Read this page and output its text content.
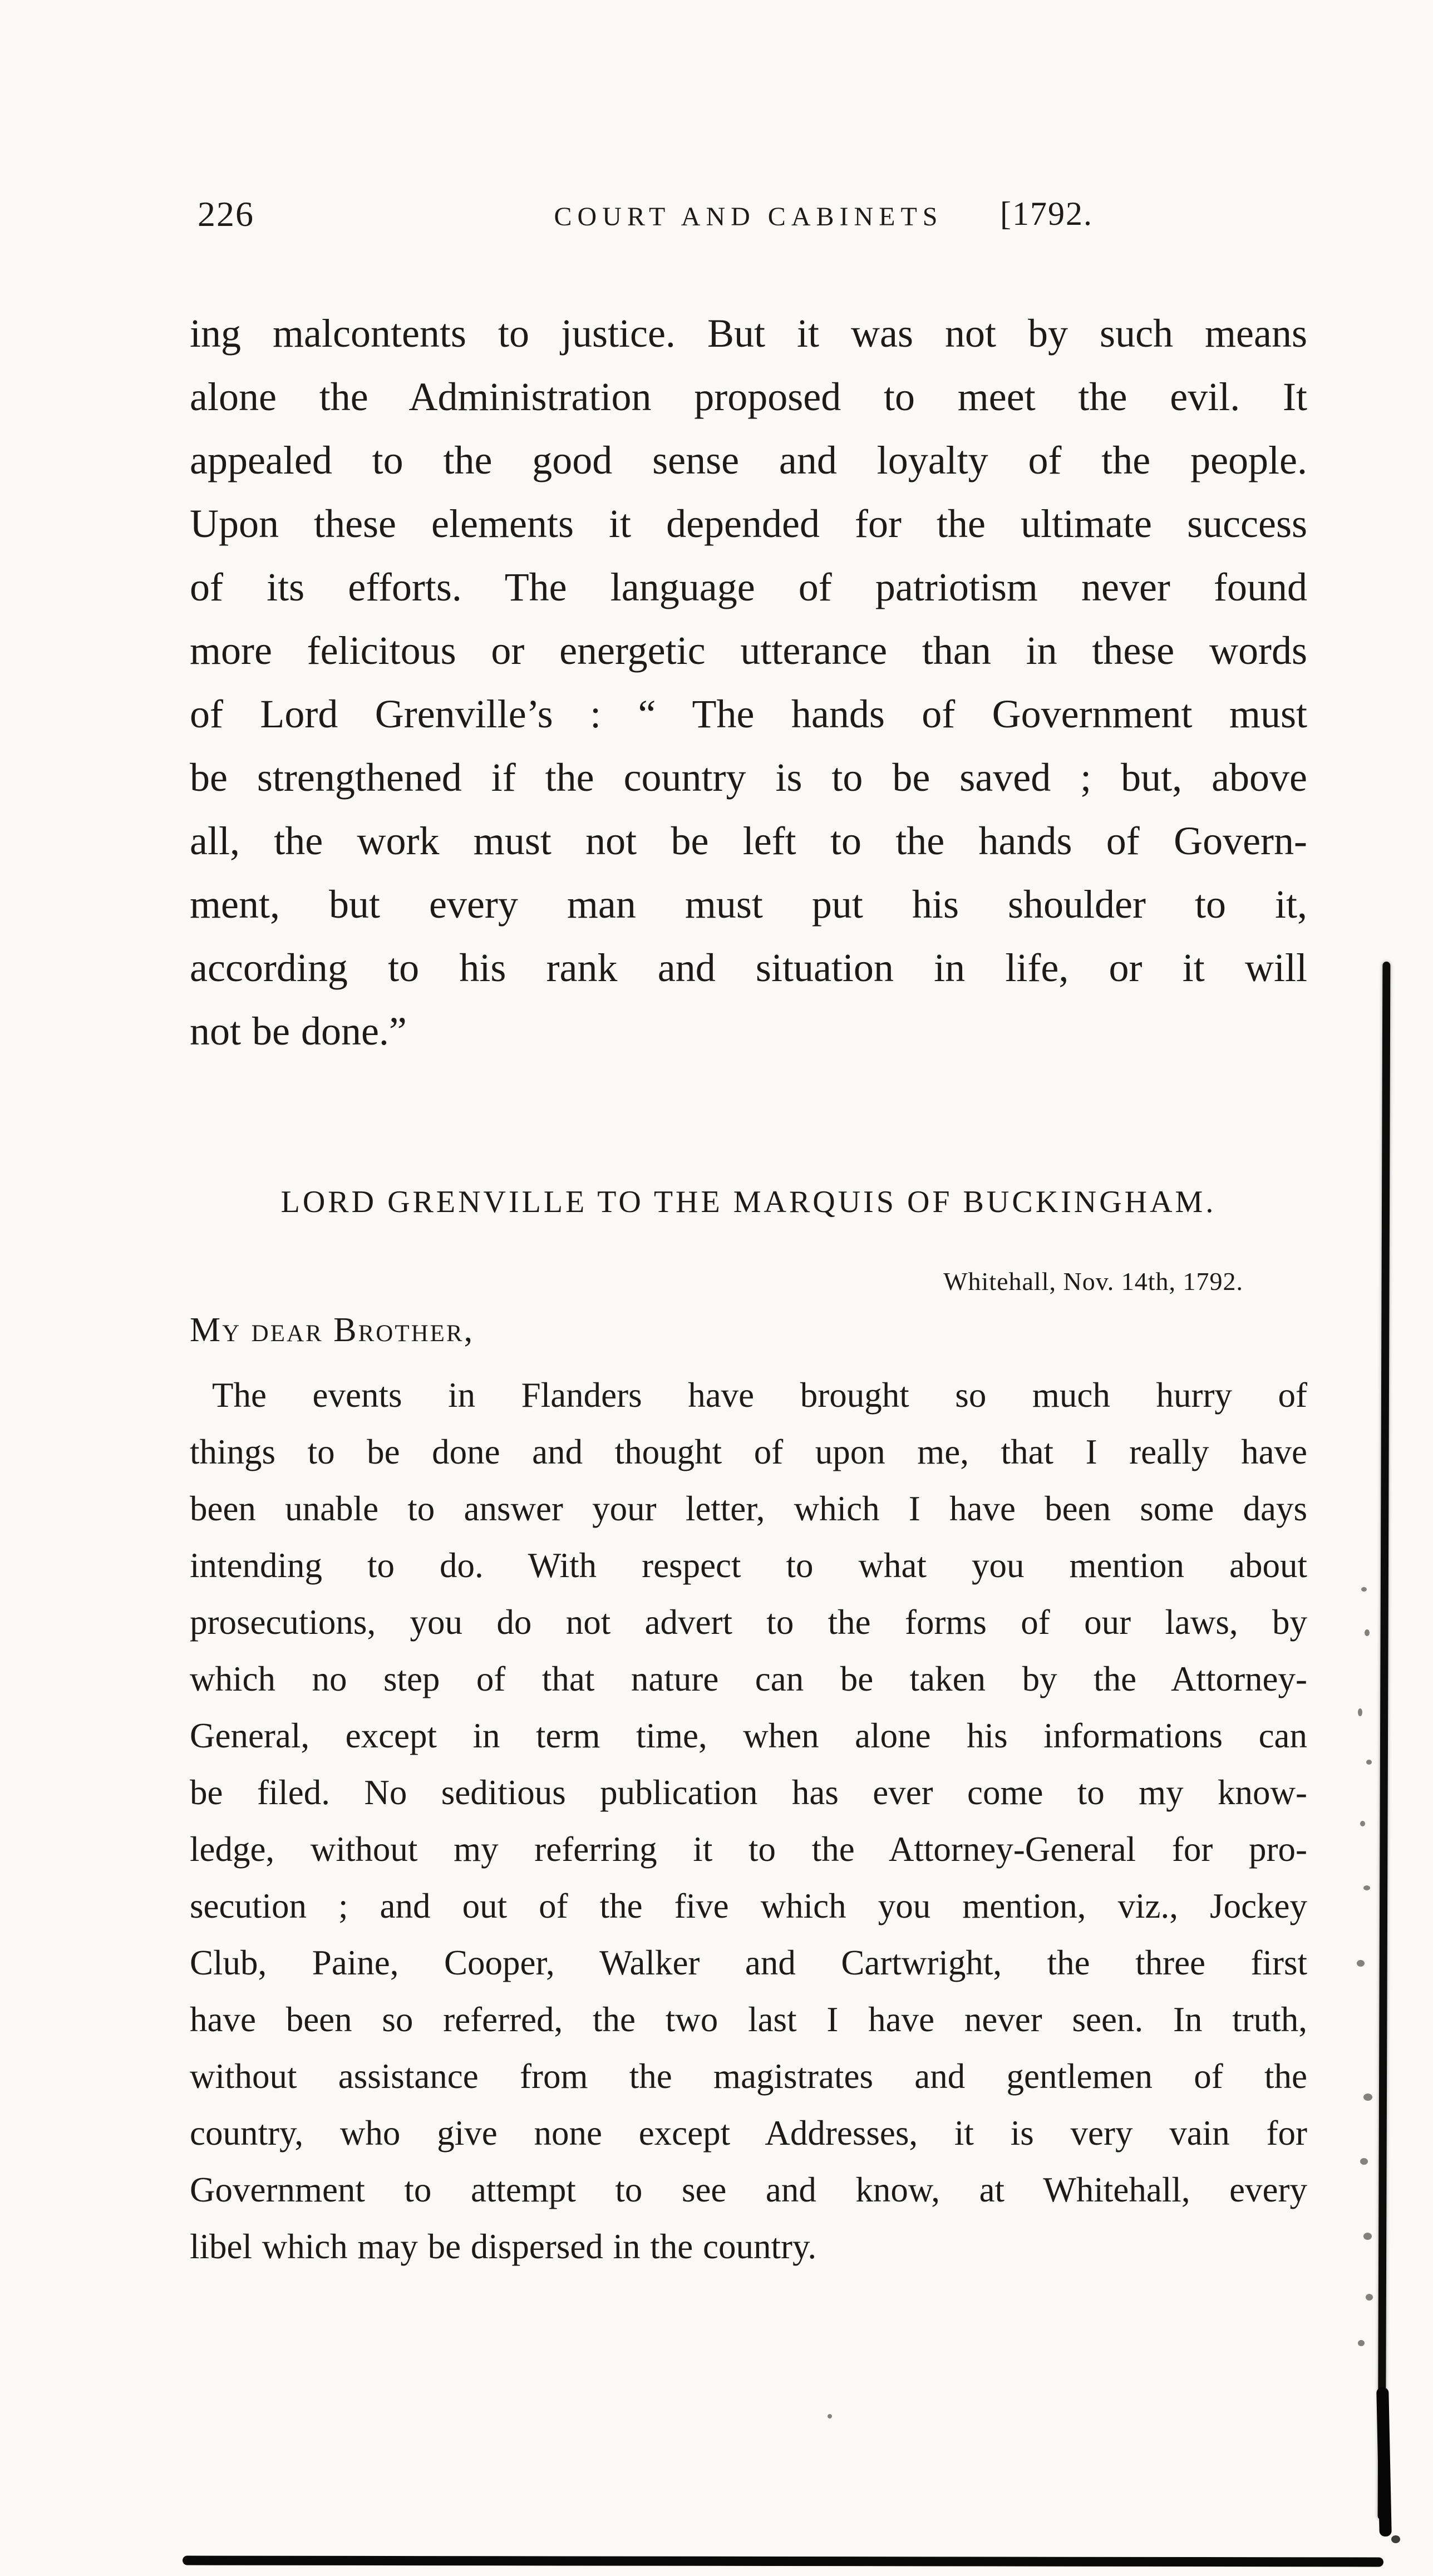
226	COURT AND CABINETS [1792.
ing malcontents to justice. But it was not by such means
alone the Administration proposed to meet the evil. It
appealed to the good sense and loyalty of the people.
Upon these elements it depended for the ultimate success
of its efforts. The language of patriotism never found
more felicitous or energetic utterance than in these words
of Lord Grenville’s : “ The hands of Government must
be strengthened if the country is to be saved ; but, above
all, the work must not be left to the hands of Govern-
ment, but every man must put his shoulder to it,
according to his rank and situation in life, or it will
not be done.”
LORD GRENVILLE TO THE MARQUIS OF BUCKINGHAM.
Whitehall, Nov. 14th, 1792.
My dear Brother,
The events in Flanders have brought so much hurry of
things to be done and thought of upon me, that I really have
been unable to answer your letter, which I have been some days
intending to do. With respect to what you mention about
prosecutions, you do not advert to the forms of our laws, by
which no step of that nature can be taken by the Attorney-
General, except in term time, when alone his informations can
be filed. No seditious publication has ever come to my know-
ledge, without my referring it to the Attorney-General for pro-
secution ; and out of the five which you mention, viz., Jockey
Club, Paine, Cooper, Walker and Cartwright, the three first
have been so referred, the two last I have never seen. In truth,
without assistance from the magistrates and gentlemen of the
country, who give none except Addresses, it is very vain for
Government to attempt to see and know, at Whitehall, every
libel which may be dispersed in the country.
